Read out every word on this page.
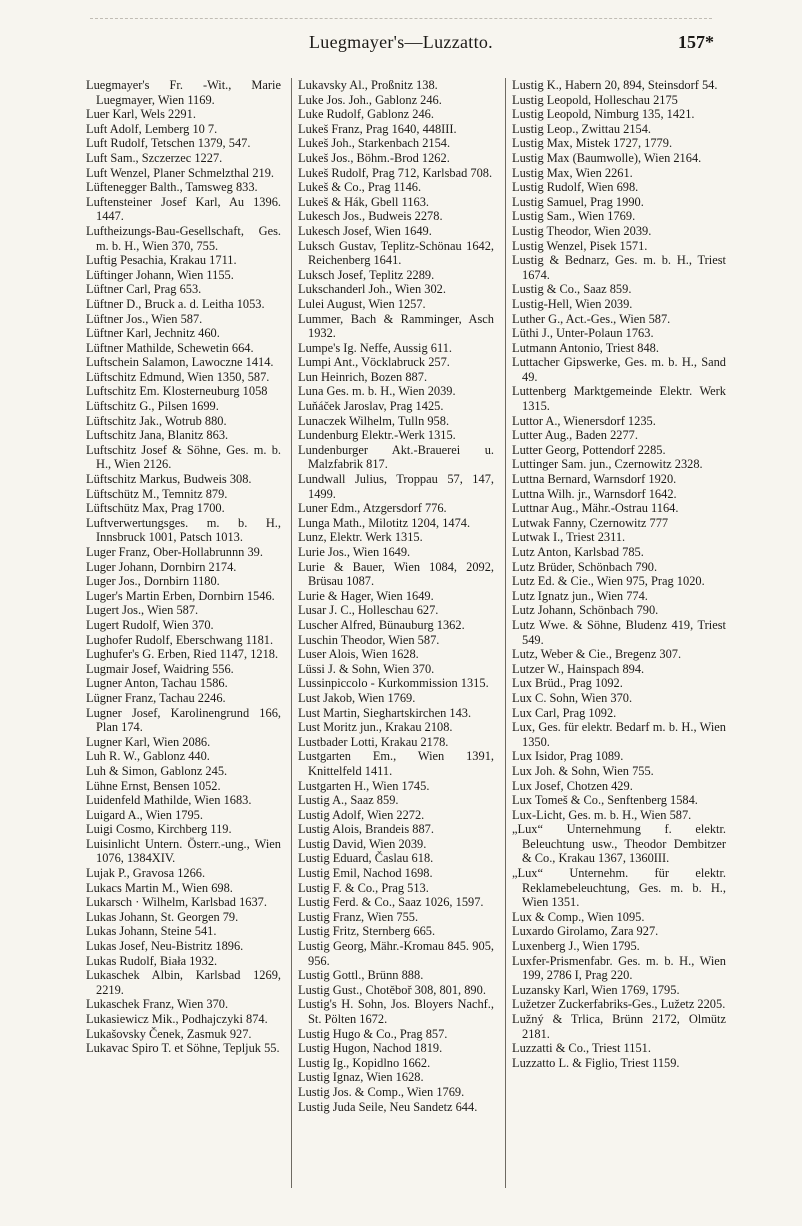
Luegmayer's—Luzzatto.	157*
Luegmayer's Fr. -Wit., Marie Luegmayer, Wien 1169.
Luer Karl, Wels 2291.
Luft Adolf, Lemberg 10 7.
Luft Rudolf, Tetschen 1379, 547.
Luft Sam., Szczerzec 1227.
Luft Wenzel, Planer Schmelzthal 219.
Lüftenegger Balth., Tamsweg 833.
Luftensteiner Josef Karl, Au 1396. 1447.
Luftheizungs-Bau-Gesellschaft, Ges. m. b. H., Wien 370, 755.
Luftig Pesachia, Krakau 1711.
Lüftinger Johann, Wien 1155.
Lüftner Carl, Prag 653.
Lüftner D., Bruck a. d. Leitha 1053.
Lüftner Jos., Wien 587.
Lüftner Karl, Jechnitz 460.
Lüftner Mathilde, Schewetin 664.
Luftschein Salamon, Lawoczne 1414.
Lüftschitz Edmund, Wien 1350, 587.
Luftschitz Em. Klosterneuburg 1058
Lüftschitz G., Pilsen 1699.
Lüftschitz Jak., Wotrub 880.
Luftschitz Jana, Blanitz 863.
Luftschitz Josef & Söhne, Ges. m. b. H., Wien 2126.
Lüftschitz Markus, Budweis 308.
Lüftschütz M., Temnitz 879.
Lüftschütz Max, Prag 1700.
Luftverwertungsges. m. b. H., Innsbruck 1001, Patsch 1013.
Luger Franz, Ober-Hollabrunnn 39.
Luger Johann, Dornbirn 2174.
Luger Jos., Dornbirn 1180.
Luger's Martin Erben, Dornbirn 1546.
Lugert Jos., Wien 587.
Lugert Rudolf, Wien 370.
Lughofer Rudolf, Eberschwang 1181.
Lughufer's G. Erben, Ried 1147, 1218.
Lugmair Josef, Waidring 556.
Lugner Anton, Tachau 1586.
Lügner Franz, Tachau 2246.
Lugner Josef, Karolinengrund 166, Plan 174.
Lugner Karl, Wien 2086.
Luh R. W., Gablonz 440.
Luh & Simon, Gablonz 245.
Lühne Ernst, Bensen 1052.
Luidenfeld Mathilde, Wien 1683.
Luigard A., Wien 1795.
Luigi Cosmo, Kirchberg 119.
Luisinlicht Untern. Österr.-ung., Wien 1076, 1384XIV.
Lujak P., Gravosa 1266.
Lukacs Martin M., Wien 698.
Lukarsch · Wilhelm, Karlsbad 1637.
Lukas Johann, St. Georgen 79.
Lukas Johann, Steine 541.
Lukas Josef, Neu-Bistritz 1896.
Lukas Rudolf, Biała 1932.
Lukaschek Albin, Karlsbad 1269, 2219.
Lukaschek Franz, Wien 370.
Lukasiewicz Mik., Podhajczyki 874.
Lukašovsky Čenek, Zasmuk 927.
Lukavac Spiro T. et Söhne, Tepljuk 55.
Lukavsky Al., Proßnitz 138.
Luke Jos. Joh., Gablonz 246.
Luke Rudolf, Gablonz 246.
Lukeš Franz, Prag 1640, 448III.
Lukeš Joh., Starkenbach 2154.
Lukeš Jos., Böhm.-Brod 1262.
Lukeš Rudolf, Prag 712, Karlsbad 708.
Lukeš & Co., Prag 1146.
Lukeš & Hák, Gbell 1163.
Lukesch Jos., Budweis 2278.
Lukesch Josef, Wien 1649.
Luksch Gustav, Teplitz-Schönau 1642, Reichenberg 1641.
Luksch Josef, Teplitz 2289.
Lukschanderl Joh., Wien 302.
Lulei August, Wien 1257.
Lummer, Bach & Ramminger, Asch 1932.
Lumpe's Ig. Neffe, Aussig 611.
Lumpi Ant., Vöcklabruck 257.
Lun Heinrich, Bozen 887.
Luna Ges. m. b. H., Wien 2039.
Luňáček Jaroslav, Prag 1425.
Lunaczek Wilhelm, Tulln 958.
Lundenburg Elektr.-Werk 1315.
Lundenburger Akt.-Brauerei u. Malzfabrik 817.
Lundwall Julius, Troppau 57, 147, 1499.
Luner Edm., Atzgersdorf 776.
Lunga Math., Milotitz 1204, 1474.
Lunz, Elektr. Werk 1315.
Lurie Jos., Wien 1649.
Lurie & Bauer, Wien 1084, 2092, Brüsau 1087.
Lurie & Hager, Wien 1649.
Lusar J. C., Holleschau 627.
Luscher Alfred, Bünauburg 1362.
Luschin Theodor, Wien 587.
Luser Alois, Wien 1628.
Lüssi J. & Sohn, Wien 370.
Lussinpiccolo - Kurkommission 1315.
Lust Jakob, Wien 1769.
Lust Martin, Sieghartskirchen 143.
Lust Moritz jun., Krakau 2108.
Lustbader Lotti, Krakau 2178.
Lustgarten Em., Wien 1391, Knittelfeld 1411.
Lustgarten H., Wien 1745.
Lustig A., Saaz 859.
Lustig Adolf, Wien 2272.
Lustig Alois, Brandeis 887.
Lustig David, Wien 2039.
Lustig Eduard, Časlau 618.
Lustig Emil, Nachod 1698.
Lustig F. & Co., Prag 513.
Lustig Ferd. & Co., Saaz 1026, 1597.
Lustig Franz, Wien 755.
Lustig Fritz, Sternberg 665.
Lustig Georg, Mähr.-Kromau 845. 905, 956.
Lustig Gottl., Brünn 888.
Lustig Gust., Chotěboř 308, 801, 890.
Lustig's H. Sohn, Jos. Bloyers Nachf., St. Pölten 1672.
Lustig Hugo & Co., Prag 857.
Lustig Hugon, Nachod 1819.
Lustig Ig., Kopidlno 1662.
Lustig Ignaz, Wien 1628.
Lustig Jos. & Comp., Wien 1769.
Lustig Juda Seile, Neu Sandetz 644.
Lustig K., Habern 20, 894, Steinsdorf 54.
Lustig Leopold, Holleschau 2175
Lustig Leopold, Nimburg 135, 1421.
Lustig Leop., Zwittau 2154.
Lustig Max, Mistek 1727, 1779.
Lustig Max (Baumwolle), Wien 2164.
Lustig Max, Wien 2261.
Lustig Rudolf, Wien 698.
Lustig Samuel, Prag 1990.
Lustig Sam., Wien 1769.
Lustig Theodor, Wien 2039.
Lustig Wenzel, Pisek 1571.
Lustig & Bednarz, Ges. m. b. H., Triest 1674.
Lustig & Co., Saaz 859.
Lustig-Hell, Wien 2039.
Luther G., Act.-Ges., Wien 587.
Lüthi J., Unter-Polaun 1763.
Lutmann Antonio, Triest 848.
Luttacher Gipswerke, Ges. m. b. H., Sand 49.
Luttenberg Marktgemeinde Elektr. Werk 1315.
Luttor A., Wienersdorf 1235.
Lutter Aug., Baden 2277.
Lutter Georg, Pottendorf 2285.
Luttinger Sam. jun., Czernowitz 2328.
Luttna Bernard, Warnsdorf 1920.
Luttna Wilh. jr., Warnsdorf 1642.
Luttnar Aug., Mähr.-Ostrau 1164.
Lutwak Fanny, Czernowitz 777
Lutwak I., Triest 2311.
Lutz Anton, Karlsbad 785.
Lutz Brüder, Schönbach 790.
Lutz Ed. & Cie., Wien 975, Prag 1020.
Lutz Ignatz jun., Wien 774.
Lutz Johann, Schönbach 790.
Lutz Wwe. & Söhne, Bludenz 419, Triest 549.
Lutz, Weber & Cie., Bregenz 307.
Lutzer W., Hainspach 894.
Lux Brüd., Prag 1092.
Lux C. Sohn, Wien 370.
Lux Carl, Prag 1092.
Lux, Ges. für elektr. Bedarf m. b. H., Wien 1350.
Lux Isidor, Prag 1089.
Lux Joh. & Sohn, Wien 755.
Lux Josef, Chotzen 429.
Lux Tomeš & Co., Senftenberg 1584.
Lux-Licht, Ges. m. b. H., Wien 587.
„Lux“ Unternehmung f. elektr. Beleuchtung usw., Theodor Dembitzer & Co., Krakau 1367, 1360III.
„Lux“ Unternehm. für elektr. Reklamebeleuchtung, Ges. m. b. H., Wien 1351.
Lux & Comp., Wien 1095.
Luxardo Girolamo, Zara 927.
Luxenberg J., Wien 1795.
Luxfer-Prismenfabr. Ges. m. b. H., Wien 199, 2786 I, Prag 220.
Luzansky Karl, Wien 1769, 1795.
Lužetzer Zuckerfabriks-Ges., Lužetz 2205.
Lužný & Trlica, Brünn 2172, Olmütz 2181.
Luzzatti & Co., Triest 1151.
Luzzatto L. & Figlio, Triest 1159.
